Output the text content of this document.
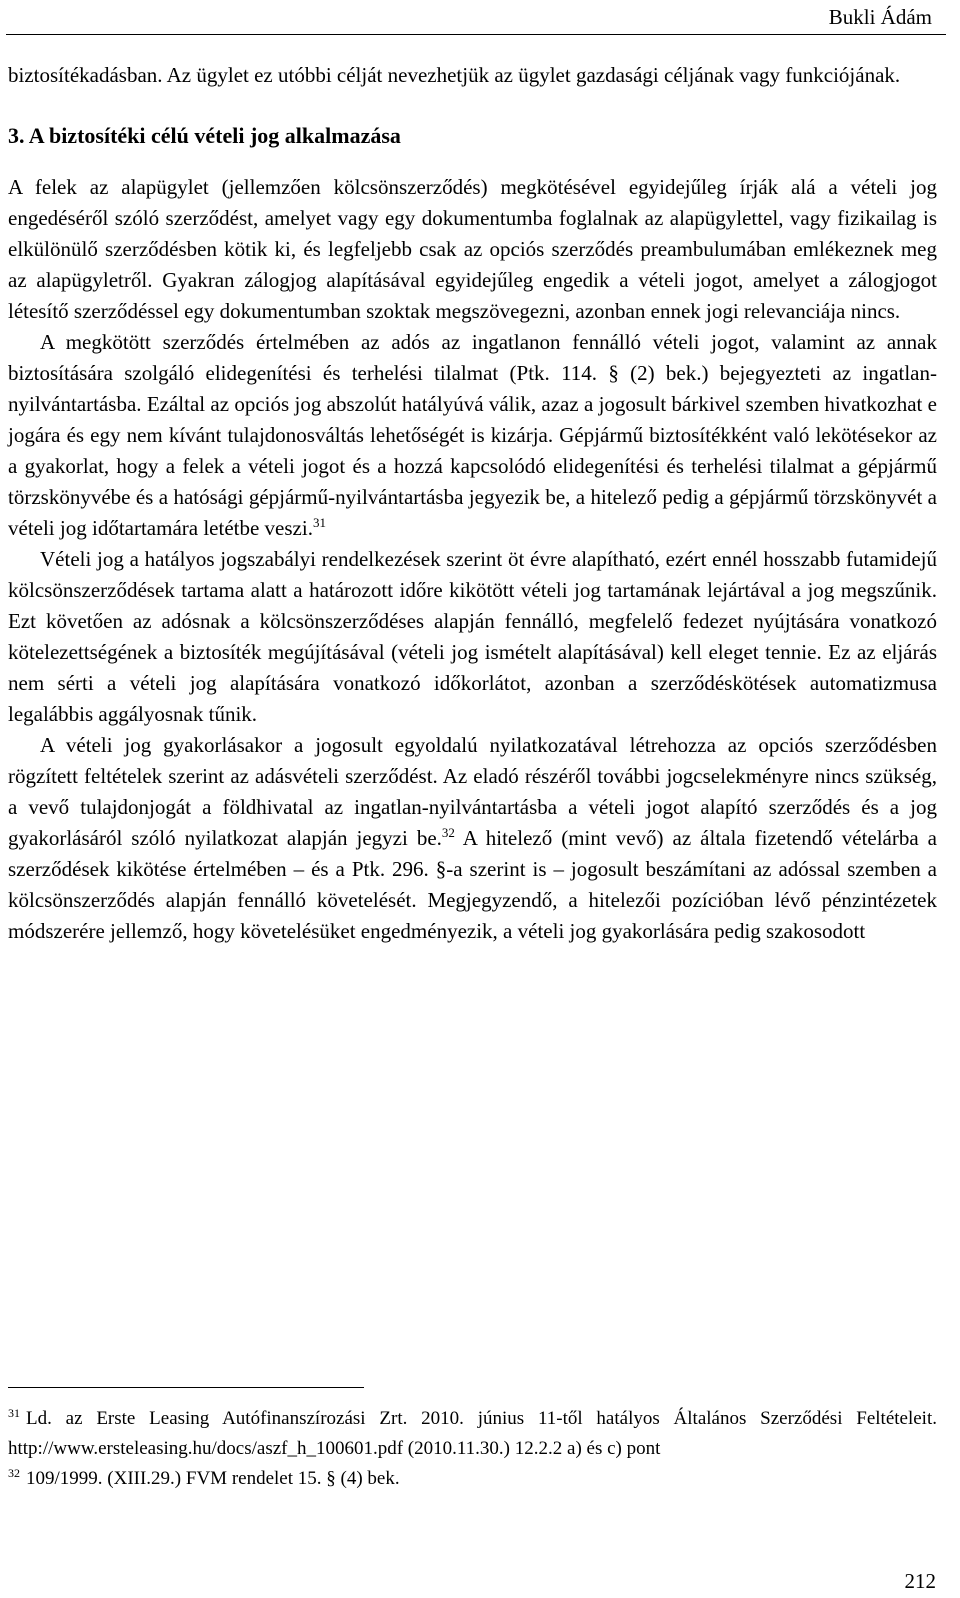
Bukli Ádám

biztosítékadásban. Az ügylet ez utóbbi célját nevezhetjük az ügylet gazdasági céljának vagy funkciójának.

3. A biztosítéki célú vételi jog alkalmazása

A felek az alapügylet (jellemzően kölcsönszerződés) megkötésével egyidejűleg írják alá a vételi jog engedéséről szóló szerződést, amelyet vagy egy dokumentumba foglalnak az alapügylettel, vagy fizikailag is elkülönülő szerződésben kötik ki, és legfeljebb csak az opciós szerződés preambulumában emlékeznek meg az alapügyletről. Gyakran zálogjog alapításával egyidejűleg engedik a vételi jogot, amelyet a zálogjogot létesítő szerződéssel egy dokumentumban szoktak megszövegezni, azonban ennek jogi relevanciája nincs.

A megkötött szerződés értelmében az adós az ingatlanon fennálló vételi jogot, valamint az annak biztosítására szolgáló elidegenítési és terhelési tilalmat (Ptk. 114. § (2) bek.) bejegyezteti az ingatlan-nyilvántartásba. Ezáltal az opciós jog abszolút hatályúvá válik, azaz a jogosult bárkivel szemben hivatkozhat e jogára és egy nem kívánt tulajdonosváltás lehetőségét is kizárja. Gépjármű biztosítékként való lekötésekor az a gyakorlat, hogy a felek a vételi jogot és a hozzá kapcsolódó elidegenítési és terhelési tilalmat a gépjármű törzskönyvébe és a hatósági gépjármű-nyilvántartásba jegyezik be, a hitelező pedig a gépjármű törzskönyvét a vételi jog időtartamára letétbe veszi.$^{31}$

Vételi jog a hatályos jogszabályi rendelkezések szerint öt évre alapítható, ezért ennél hosszabb futamidejű kölcsönszerződések tartama alatt a határozott időre kikötött vételi jog tartamának lejártával a jog megszűnik. Ezt követően az adósnak a kölcsönszerződéses alapján fennálló, megfelelő fedezet nyújtására vonatkozó kötelezettségének a biztosíték megújításával (vételi jog ismételt alapításával) kell eleget tennie. Ez az eljárás nem sérti a vételi jog alapítására vonatkozó időkorlátot, azonban a szerződéskötések automatizmusa legalábbis aggályosnak tűnik.

A vételi jog gyakorlásakor a jogosult egyoldalú nyilatkozatával létrehozza az opciós szerződésben rögzített feltételek szerint az adásvételi szerződést. Az eladó részéről további jogcselekményre nincs szükség, a vevő tulajdonjogát a földhivatal az ingatlan-nyilvántartásba a vételi jogot alapító szerződés és a jog gyakorlásáról szóló nyilatkozat alapján jegyzi be.$^{32}$ A hitelező (mint vevő) az általa fizetendő vételárba a szerződések kikötése értelmében – és a Ptk. 296. §-a szerint is – jogosult beszámítani az adóssal szemben a kölcsönszerződés alapján fennálló követelését. Megjegyzendő, a hitelezői pozícióban lévő pénzintézetek módszerére jellemző, hogy követelésüket engedményezik, a vételi jog gyakorlására pedig szakosodott

$^{31}$ Ld. az Erste Leasing Autófinanszírozási Zrt. 2010. június 11-től hatályos Általános Szerződési Feltételeit. http://www.ersteleasing.hu/docs/aszf_h_100601.pdf (2010.11.30.) 12.2.2 a) és c) pont

$^{32}$ 109/1999. (XIII.29.) FVM rendelet 15. § (4) bek.

212
